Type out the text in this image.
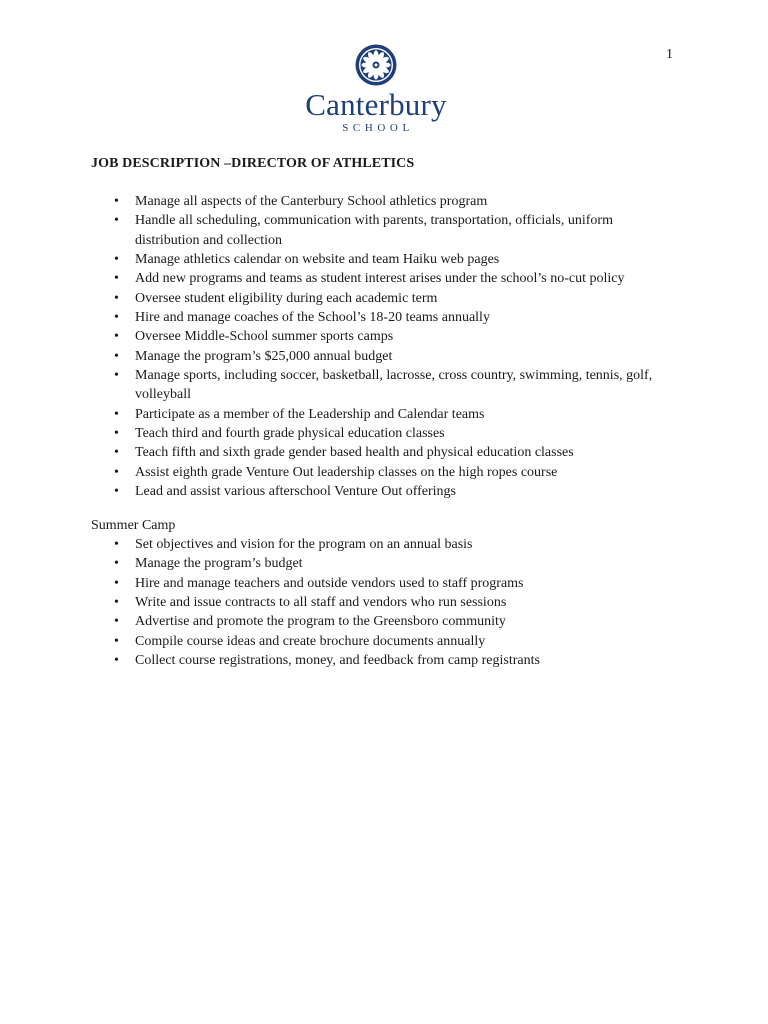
1
Canterbury
SCHOOL
JOB DESCRIPTION –DIRECTOR OF ATHLETICS
• Manage all aspects of the Canterbury School athletics program
• Handle all scheduling, communication with parents, transportation, officials, uniform distribution and collection
• Manage athletics calendar on website and team Haiku web pages
• Add new programs and teams as student interest arises under the school’s no-cut policy
• Oversee student eligibility during each academic term
• Hire and manage coaches of the School’s 18-20 teams annually
• Oversee Middle-School summer sports camps
• Manage the program’s $25,000 annual budget
• Manage sports, including soccer, basketball, lacrosse, cross country, swimming, tennis, golf, volleyball
• Participate as a member of the Leadership and Calendar teams
• Teach third and fourth grade physical education classes
• Teach fifth and sixth grade gender based health and physical education classes
• Assist eighth grade Venture Out leadership classes on the high ropes course
• Lead and assist various afterschool Venture Out offerings
Summer Camp
• Set objectives and vision for the program on an annual basis
• Manage the program’s budget
• Hire and manage teachers and outside vendors used to staff programs
• Write and issue contracts to all staff and vendors who run sessions
• Advertise and promote the program to the Greensboro community
• Compile course ideas and create brochure documents annually
• Collect course registrations, money, and feedback from camp registrants
